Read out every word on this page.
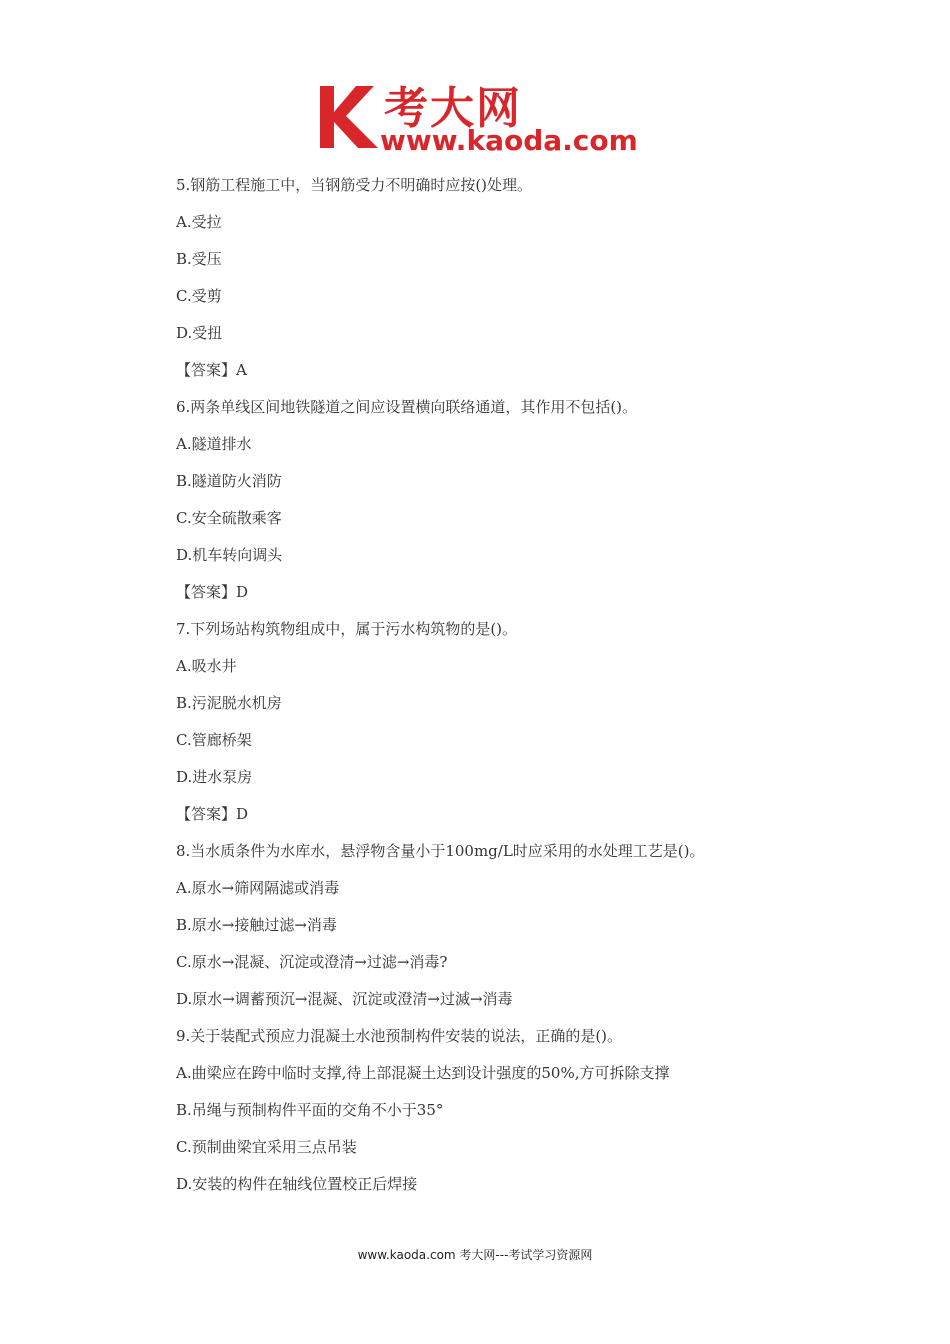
考大网
www.kaoda.com
5.钢筋工程施工中，当钢筋受力不明确时应按()处理。
A.受拉
B.受压
C.受剪
D.受扭
【答案】A
6.两条单线区间地铁隧道之间应设置横向联络通道，其作用不包括()。
A.隧道排水
B.隧道防火消防
C.安全硫散乘客
D.机车转向调头
【答案】D
7.下列场站构筑物组成中，属于污水构筑物的是()。
A.吸水井
B.污泥脱水机房
C.管廊桥架
D.进水泵房
【答案】D
8.当水质条件为水库水，悬浮物含量小于100mg/L时应采用的水处理工艺是()。
A.原水→筛网隔滤或消毒
B.原水→接触过滤→消毒
C.原水→混凝、沉淀或澄清→过滤→消毒?
D.原水→调蓄预沉→混凝、沉淀或澄清→过滅→消毒
9.关于装配式预应力混凝土水池预制构件安装的说法，正确的是()。
A.曲梁应在跨中临时支撑,待上部混凝土达到设计强度的50%,方可拆除支撑
B.吊绳与预制构件平面的交角不小于35°
C.预制曲梁宜采用三点吊装
D.安装的构件在轴线位置校正后焊接
www.kaoda.com 考大网---考试学习资源网
